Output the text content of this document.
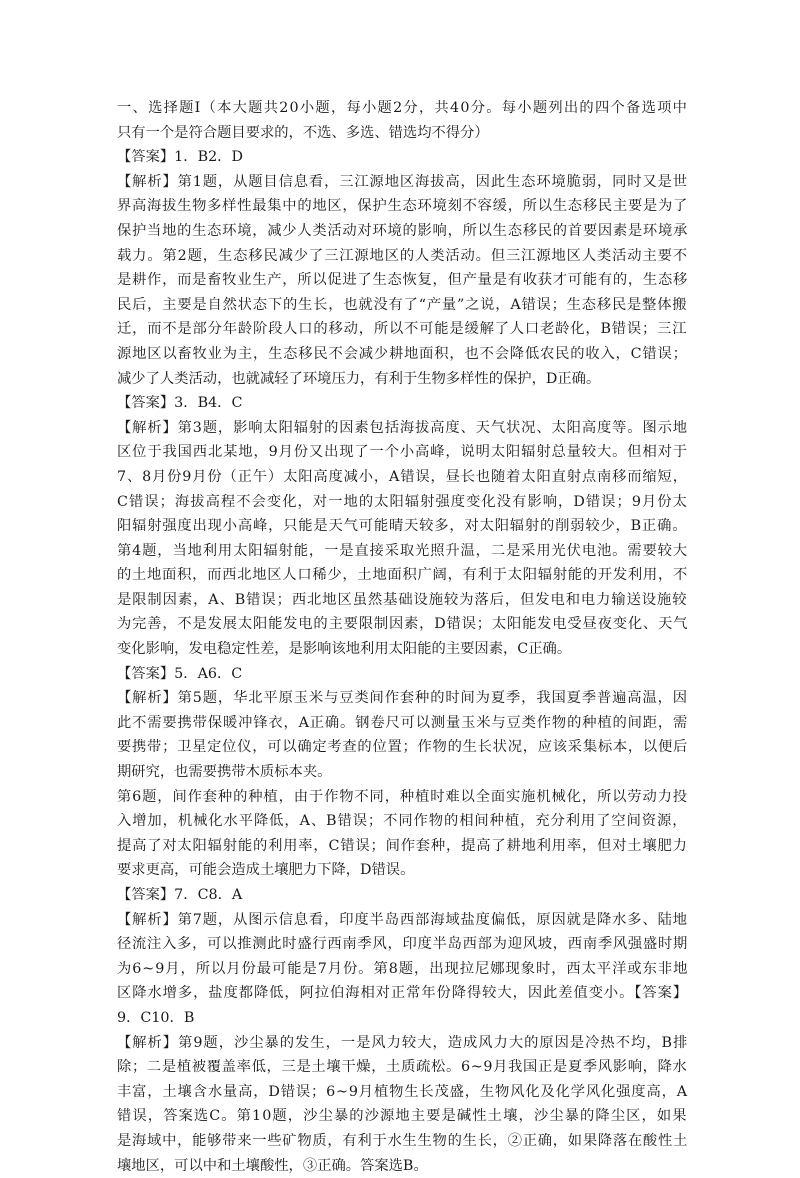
一、选择题Ⅰ（本大题共20小题，每小题2分，共40分。每小题列出的四个备选项中
只有一个是符合题目要求的，不选、多选、错选均不得分）
【答案】1．B2．D
【解析】第1题，从题目信息看，三江源地区海拔高，因此生态环境脆弱，同时又是世
界高海拔生物多样性最集中的地区，保护生态环境刻不容缓，所以生态移民主要是为了
保护当地的生态环境，减少人类活动对环境的影响，所以生态移民的首要因素是环境承
载力。第2题，生态移民减少了三江源地区的人类活动。但三江源地区人类活动主要不
是耕作，而是畜牧业生产，所以促进了生态恢复，但产量是有收获才可能有的，生态移
民后，主要是自然状态下的生长，也就没有了“产量”之说，A错误；生态移民是整体搬
迁，而不是部分年龄阶段人口的移动，所以不可能是缓解了人口老龄化，B错误；三江
源地区以畜牧业为主，生态移民不会减少耕地面积，也不会降低农民的收入，C错误；
减少了人类活动，也就减轻了环境压力，有利于生物多样性的保护，D正确。
【答案】3．B4．C
【解析】第3题，影响太阳辐射的因素包括海拔高度、天气状况、太阳高度等。图示地
区位于我国西北某地，9月份又出现了一个小高峰，说明太阳辐射总量较大。但相对于
7、8月份9月份（正午）太阳高度减小，A错误，昼长也随着太阳直射点南移而缩短，
C错误；海拔高程不会变化，对一地的太阳辐射强度变化没有影响，D错误；9月份太
阳辐射强度出现小高峰，只能是天气可能晴天较多，对太阳辐射的削弱较少，B正确。
第4题，当地利用太阳辐射能，一是直接采取光照升温，二是采用光伏电池。需要较大
的土地面积，而西北地区人口稀少，土地面积广阔，有利于太阳辐射能的开发利用，不
是限制因素，A、B错误；西北地区虽然基础设施较为落后，但发电和电力输送设施较
为完善，不是发展太阳能发电的主要限制因素，D错误；太阳能发电受昼夜变化、天气
变化影响，发电稳定性差，是影响该地利用太阳能的主要因素，C正确。
【答案】5．A6．C
【解析】第5题，华北平原玉米与豆类间作套种的时间为夏季，我国夏季普遍高温，因
此不需要携带保暖冲锋衣，A正确。钢卷尺可以测量玉米与豆类作物的种植的间距，需
要携带；卫星定位仪，可以确定考查的位置；作物的生长状况，应该采集标本，以便后
期研究，也需要携带木质标本夹。
第6题，间作套种的种植，由于作物不同，种植时难以全面实施机械化，所以劳动力投
入增加，机械化水平降低，A、B错误；不同作物的相间种植，充分利用了空间资源，
提高了对太阳辐射能的利用率，C错误；间作套种，提高了耕地利用率，但对土壤肥力
要求更高，可能会造成土壤肥力下降，D错误。
【答案】7．C8．A
【解析】第7题，从图示信息看，印度半岛西部海域盐度偏低，原因就是降水多、陆地
径流注入多，可以推测此时盛行西南季风，印度半岛西部为迎风坡，西南季风强盛时期
为6~9月，所以月份最可能是7月份。第8题，出现拉尼娜现象时，西太平洋或东非地
区降水增多，盐度都降低，阿拉伯海相对正常年份降得较大，因此差值变小。【答案】
9．C10．B
【解析】第9题，沙尘暴的发生，一是风力较大，造成风力大的原因是冷热不均，B排
除；二是植被覆盖率低，三是土壤干燥，土质疏松。6~9月我国正是夏季风影响，降水
丰富，土壤含水量高，D错误；6~9月植物生长茂盛，生物风化及化学风化强度高，A
错误，答案选C。第10题，沙尘暴的沙源地主要是碱性土壤，沙尘暴的降尘区，如果
是海域中，能够带来一些矿物质，有利于水生生物的生长，②正确，如果降落在酸性土
壤地区，可以中和土壤酸性，③正确。答案选B。
